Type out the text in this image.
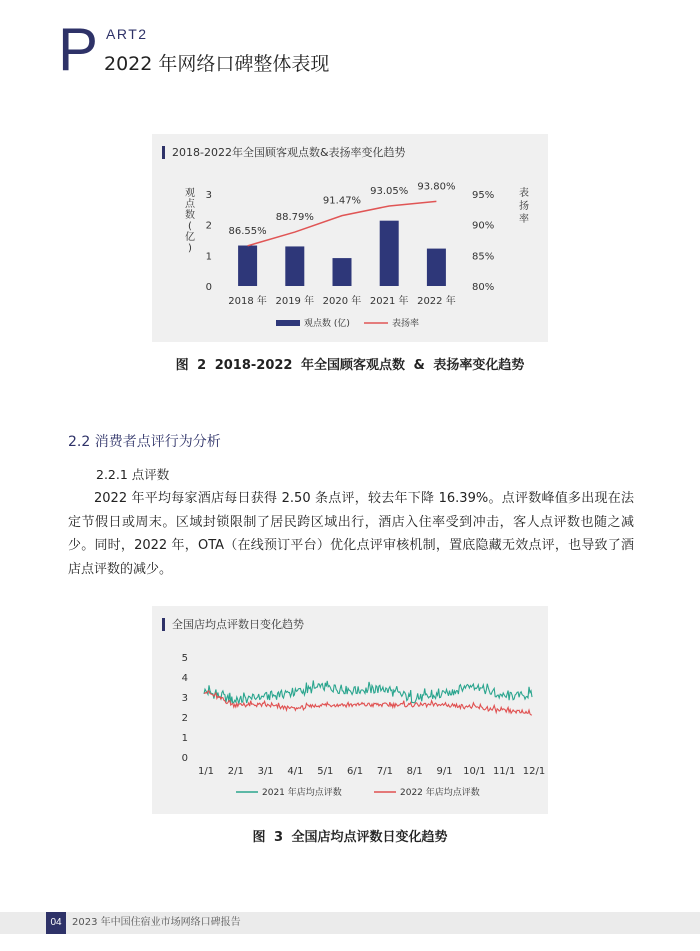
P ART2
2022 年网络口碑整体表现
2018-2022年全国顾客观点数&表扬率变化趋势
0
1
2
3
80%
85%
90%
95%
观
点
数
(
亿
)
表
扬
率
2018 年 2019 年 2020 年 2021 年 2022 年
86.55%
88.79%
91.47%
93.05% 93.80%
观点数 (亿)	表扬率
图 2 2018-2022 年全国顾客观点数 & 表扬率变化趋势
2.2 消费者点评行为分析
2.2.1 点评数

2022 年平均每家酒店每日获得 2.50 条点评，较去年下降 16.39%。点评数峰值多出现在法定节假日或周末。区域封锁限制了居民跨区域出行，酒店入住率受到冲击，客人点评数也随之减少。同时，2022 年，OTA（在线预订平台）优化点评审核机制，置底隐藏无效点评，也导致了酒店点评数的减少。

全国店均点评数日变化趋势
0
1
2
3
4
5
1/1 2/1 3/1 4/1 5/1 6/1 7/1 8/1 9/1 10/1 11/1 12/1
2021 年店均点评数	2022 年店均点评数
图 3 全国店均点评数日变化趋势
04	2023 年中国住宿业市场网络口碑报告
